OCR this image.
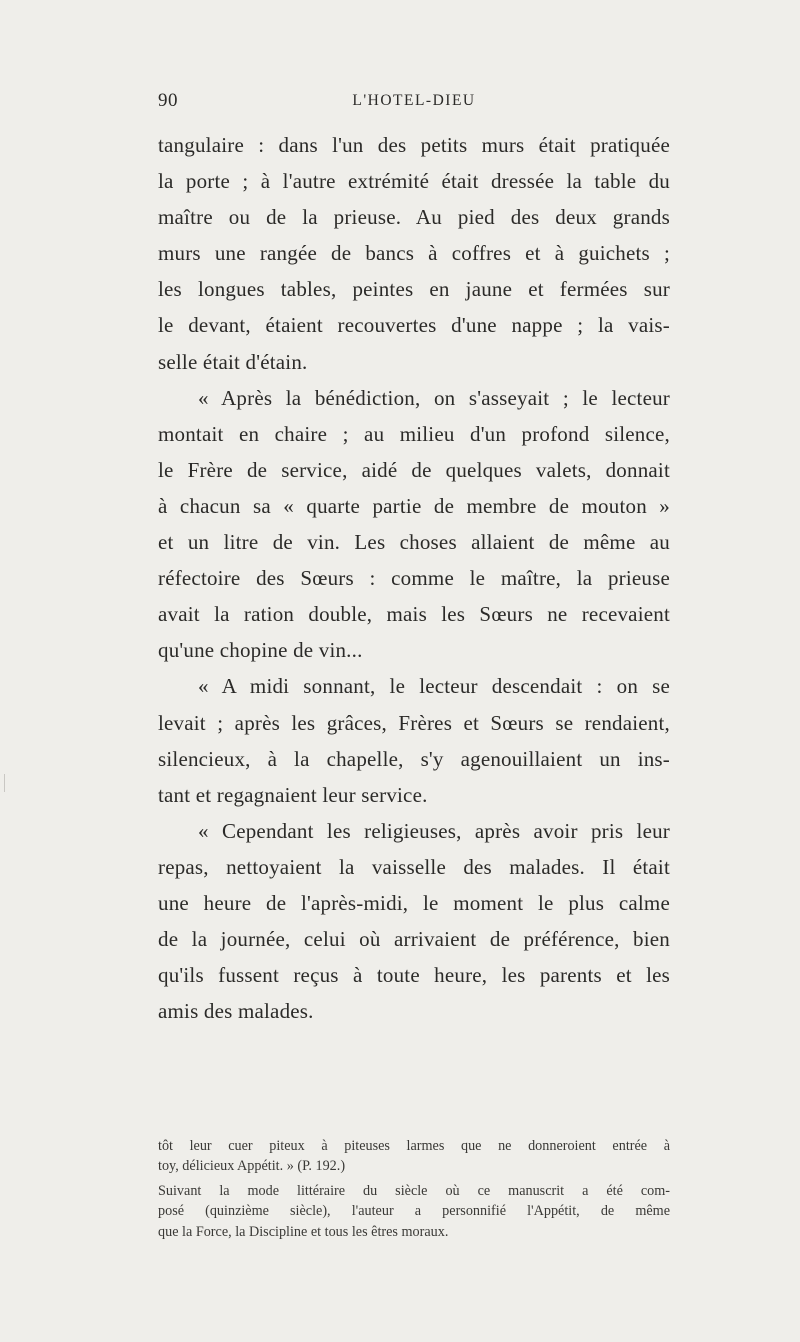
90	L'HOTEL-DIEU
tangulaire : dans l'un des petits murs était pratiquée
la porte ; à l'autre extrémité était dressée la table du
maître ou de la prieuse. Au pied des deux grands
murs une rangée de bancs à coffres et à guichets ;
les longues tables, peintes en jaune et fermées sur
le devant, étaient recouvertes d'une nappe ; la vais-
selle était d'étain.
« Après la bénédiction, on s'asseyait ; le lecteur
montait en chaire ; au milieu d'un profond silence,
le Frère de service, aidé de quelques valets, donnait
à chacun sa « quarte partie de membre de mouton »
et un litre de vin. Les choses allaient de même au
réfectoire des Sœurs : comme le maître, la prieuse
avait la ration double, mais les Sœurs ne recevaient
qu'une chopine de vin...
« A midi sonnant, le lecteur descendait : on se
levait ; après les grâces, Frères et Sœurs se rendaient,
silencieux, à la chapelle, s'y agenouillaient un ins-
tant et regagnaient leur service.
« Cependant les religieuses, après avoir pris leur
repas, nettoyaient la vaisselle des malades. Il était
une heure de l'après-midi, le moment le plus calme
de la journée, celui où arrivaient de préférence, bien
qu'ils fussent reçus à toute heure, les parents et les
amis des malades.
tôt leur cuer piteux à piteuses larmes que ne donneroient entrée à
toy, délicieux Appétit. » (P. 192.)
Suivant la mode littéraire du siècle où ce manuscrit a été com-
posé (quinzième siècle), l'auteur a personnifié l'Appétit, de même
que la Force, la Discipline et tous les êtres moraux.
